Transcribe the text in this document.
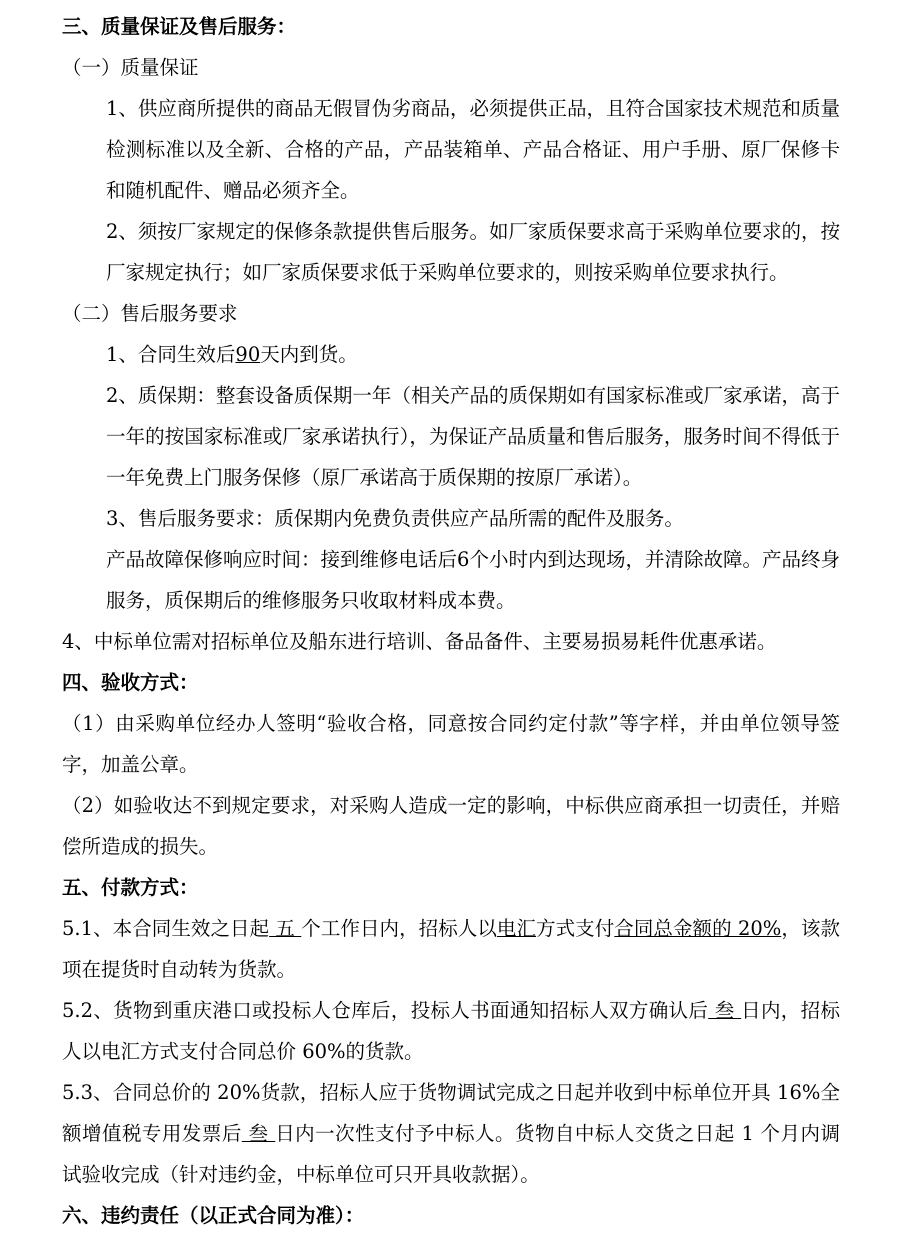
三、质量保证及售后服务：

（一）质量保证

1、供应商所提供的商品无假冒伪劣商品，必须提供正品，且符合国家技术规范和质量检测标准以及全新、合格的产品，产品装箱单、产品合格证、用户手册、原厂保修卡和随机配件、赠品必须齐全。

2、须按厂家规定的保修条款提供售后服务。如厂家质保要求高于采购单位要求的，按厂家规定执行；如厂家质保要求低于采购单位要求的，则按采购单位要求执行。

（二）售后服务要求

1、合同生效后90天内到货。

2、质保期：整套设备质保期一年（相关产品的质保期如有国家标准或厂家承诺，高于一年的按国家标准或厂家承诺执行），为保证产品质量和售后服务，服务时间不得低于一年免费上门服务保修（原厂承诺高于质保期的按原厂承诺）。

3、售后服务要求：质保期内免费负责供应产品所需的配件及服务。

产品故障保修响应时间：接到维修电话后6个小时内到达现场，并清除故障。产品终身服务，质保期后的维修服务只收取材料成本费。

4、中标单位需对招标单位及船东进行培训、备品备件、主要易损易耗件优惠承诺。

四、验收方式：

（1）由采购单位经办人签明“验收合格，同意按合同约定付款”等字样，并由单位领导签字，加盖公章。

（2）如验收达不到规定要求，对采购人造成一定的影响，中标供应商承担一切责任，并赔偿所造成的损失。

五、付款方式：

5.1、本合同生效之日起 五 个工作日内，招标人以电汇方式支付合同总金额的 20%，该款项在提货时自动转为货款。

5.2、货物到重庆港口或投标人仓库后，投标人书面通知招标人双方确认后 叁 日内，招标人以电汇方式支付合同总价 60%的货款。

5.3、合同总价的 20%货款，招标人应于货物调试完成之日起并收到中标单位开具 16%全额增值税专用发票后 叁 日内一次性支付予中标人。货物自中标人交货之日起 1 个月内调试验收完成（针对违约金，中标单位可只开具收款据）。

六、违约责任（以正式合同为准）：
